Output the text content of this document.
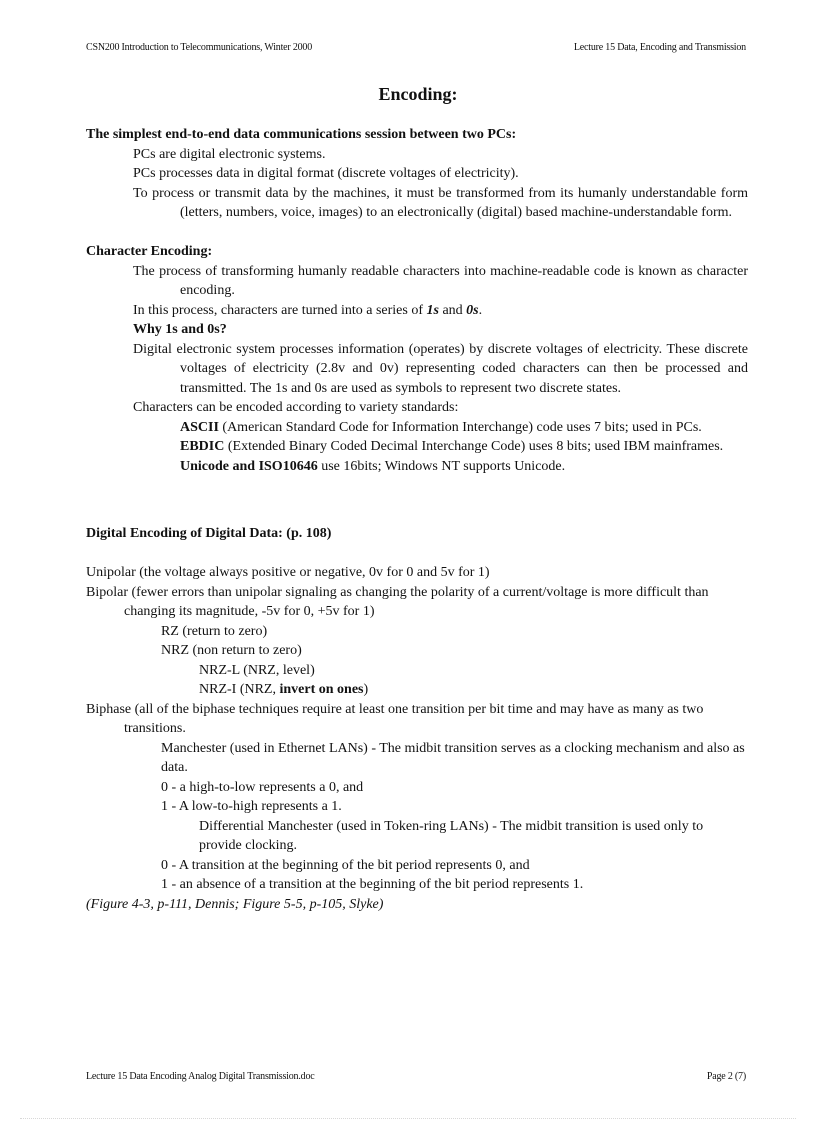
CSN200 Introduction to Telecommunications, Winter 2000	Lecture 15 Data, Encoding and Transmission
Encoding:

The simplest end-to-end data communications session between two PCs:

PCs are digital electronic systems.

PCs processes data in digital format (discrete voltages of electricity).

To process or transmit data by the machines, it must be transformed from its humanly understandable form (letters, numbers, voice, images) to an electronically (digital) based machine-understandable form.

Character Encoding:

The process of transforming humanly readable characters into machine-readable code is known as character encoding.

In this process, characters are turned into a series of 1s and 0s.

Why 1s and 0s?

Digital electronic system processes information (operates) by discrete voltages of electricity. These discrete voltages of electricity (2.8v and 0v) representing coded characters can then be processed and transmitted. The 1s and 0s are used as symbols to represent two discrete states.

Characters can be encoded according to variety standards:

ASCII (American Standard Code for Information Interchange) code uses 7 bits; used in PCs.

EBDIC (Extended Binary Coded Decimal Interchange Code) uses 8 bits; used IBM mainframes.

Unicode and ISO10646 use 16bits; Windows NT supports Unicode.

Digital Encoding of Digital Data: (p. 108)

Unipolar (the voltage always positive or negative, 0v for 0 and 5v for 1)

Bipolar (fewer errors than unipolar signaling as changing the polarity of a current/voltage is more difficult than changing its magnitude, -5v for 0, +5v for 1)

RZ (return to zero)

NRZ (non return to zero)

NRZ-L (NRZ, level)

NRZ-I (NRZ, invert on ones)

Biphase (all of the biphase techniques require at least one transition per bit time and may have as many as two transitions.

Manchester (used in Ethernet LANs) - The midbit transition serves as a clocking mechanism and also as data.

0 - a high-to-low represents a 0, and

1 - A low-to-high represents a 1.

Differential Manchester (used in Token-ring LANs) - The midbit transition is used only to provide clocking.

0 - A transition at the beginning of the bit period represents 0, and

1 - an absence of a transition at the beginning of the bit period represents 1.

(Figure 4-3, p-111, Dennis; Figure 5-5, p-105, Slyke)

Lecture 15 Data Encoding Analog Digital Transmission.doc	Page 2 (7)
